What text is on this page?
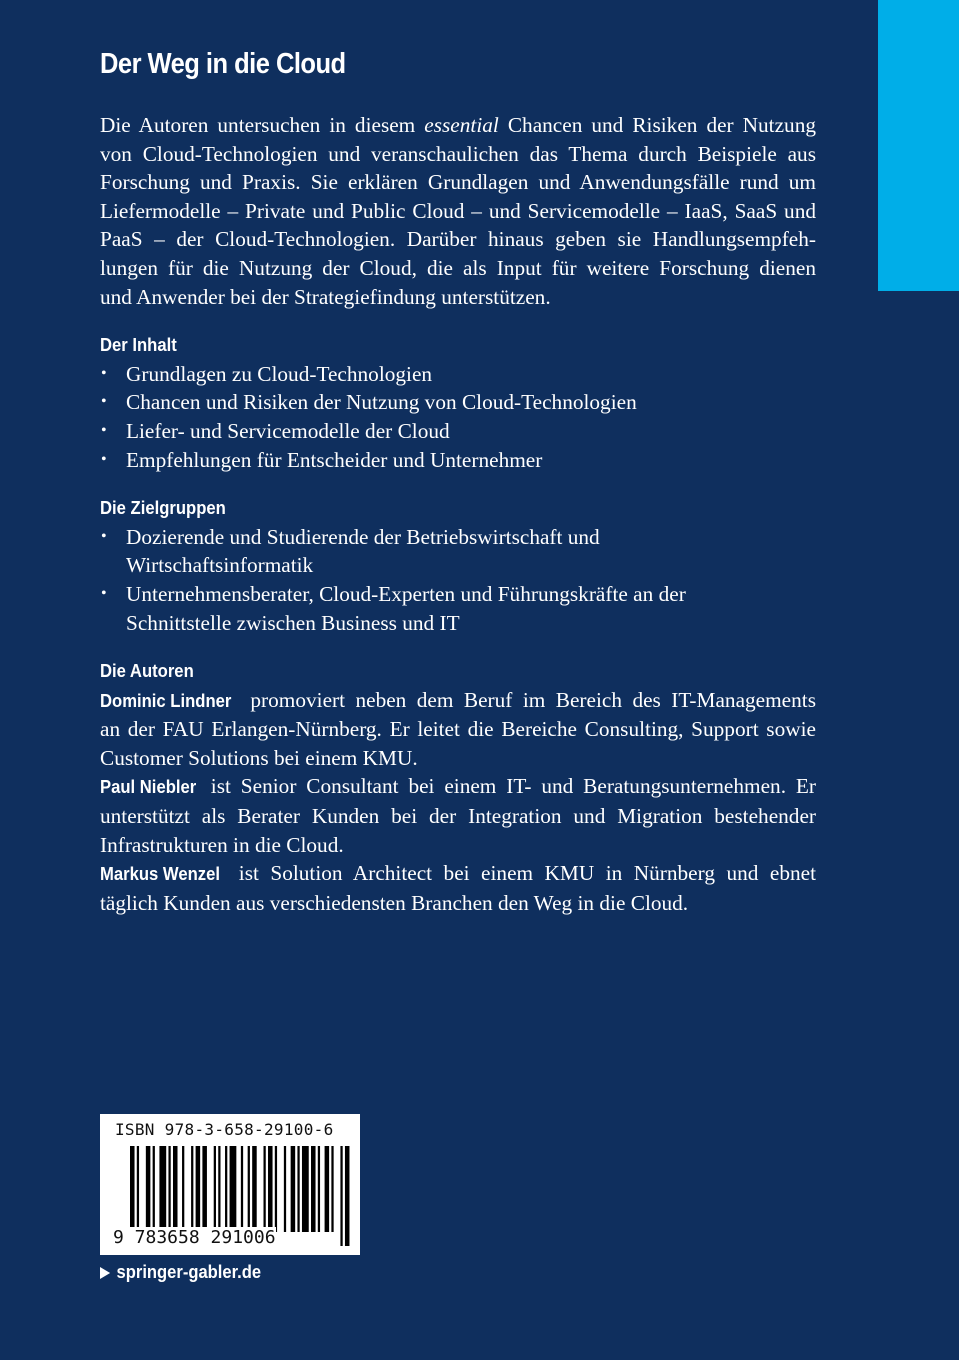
Der Weg in die Cloud
Die Autoren untersuchen in diesem essential Chancen und Risiken der Nutzung
von Cloud-Technologien und veranschaulichen das Thema durch Beispiele aus
Forschung und Praxis. Sie erklären Grundlagen und Anwendungsfälle rund um
Liefermodelle – Private und Public Cloud – und Servicemodelle – IaaS, SaaS und
PaaS – der Cloud-Technologien. Darüber hinaus geben sie Handlungsempfeh-
lungen für die Nutzung der Cloud, die als Input für weitere Forschung dienen
und Anwender bei der Strategiefindung unterstützen.
Der Inhalt
• Grundlagen zu Cloud-Technologien
• Chancen und Risiken der Nutzung von Cloud-Technologien
• Liefer- und Servicemodelle der Cloud
• Empfehlungen für Entscheider und Unternehmer
Die Zielgruppen
• Dozierende und Studierende der Betriebswirtschaft und
Wirtschaftsinformatik
• Unternehmensberater, Cloud-Experten und Führungskräfte an der
Schnittstelle zwischen Business und IT
Die Autoren
Dominic Lindner promoviert neben dem Beruf im Bereich des IT-Managements
an der FAU Erlangen-Nürnberg. Er leitet die Bereiche Consulting, Support sowie
Customer Solutions bei einem KMU.
Paul Niebler ist Senior Consultant bei einem IT- und Beratungsunternehmen. Er
unterstützt als Berater Kunden bei der Integration und Migration bestehender
Infrastrukturen in die Cloud.
Markus Wenzel ist Solution Architect bei einem KMU in Nürnberg und ebnet
täglich Kunden aus verschiedensten Branchen den Weg in die Cloud.
ISBN 978-3-658-29100-6
9 783658 291006
springer-gabler.de
